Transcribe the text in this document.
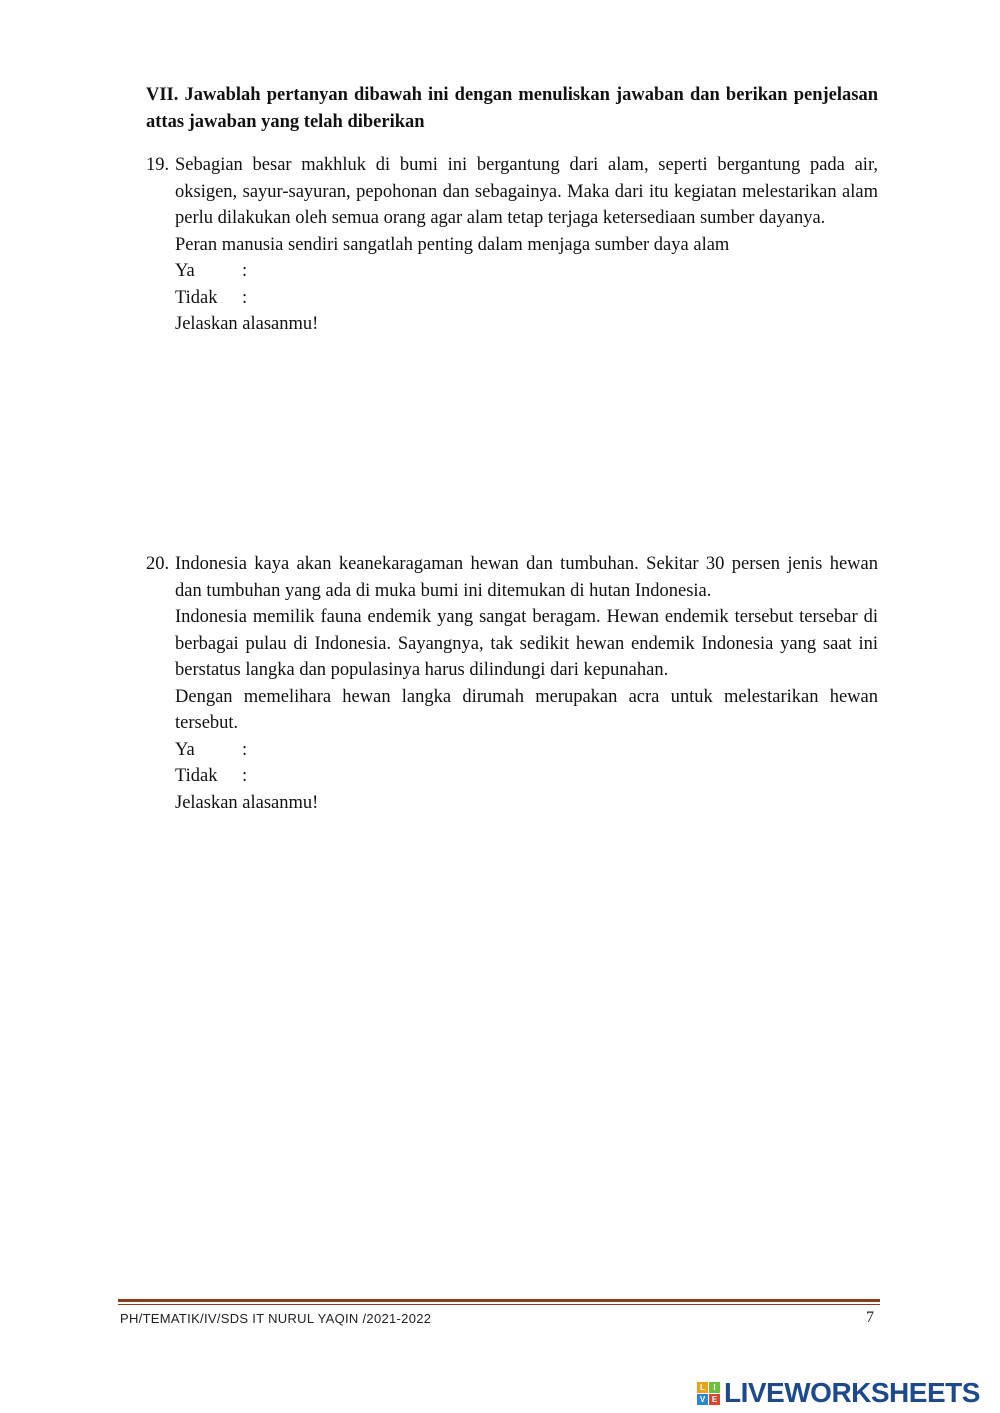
VII. Jawablah pertanyan dibawah ini dengan menuliskan jawaban dan berikan penjelasan attas jawaban yang telah diberikan
19. Sebagian besar makhluk di bumi ini bergantung dari alam, seperti bergantung pada air, oksigen, sayur-sayuran, pepohonan dan sebagainya. Maka dari itu kegiatan melestarikan alam perlu dilakukan oleh semua orang agar alam tetap terjaga ketersediaan sumber dayanya.

Peran manusia sendiri sangatlah penting dalam menjaga sumber daya alam

Ya	:
Tidak	:

Jelaskan alasanmu!

20. Indonesia kaya akan keanekaragaman hewan dan tumbuhan. Sekitar 30 persen jenis hewan dan tumbuhan yang ada di muka bumi ini ditemukan di hutan Indonesia.

Indonesia memilik fauna endemik yang sangat beragam. Hewan endemik tersebut tersebar di berbagai pulau di Indonesia. Sayangnya, tak sedikit hewan endemik Indonesia yang saat ini berstatus langka dan populasinya harus dilindungi dari kepunahan.

Dengan memelihara hewan langka dirumah merupakan acra untuk melestarikan hewan tersebut.

Ya	:
Tidak	:

Jelaskan alasanmu!

PH/TEMATIK/IV/SDS IT NURUL YAQIN /2021-2022	7
L	I
V E LIVEWORKSHEETS
